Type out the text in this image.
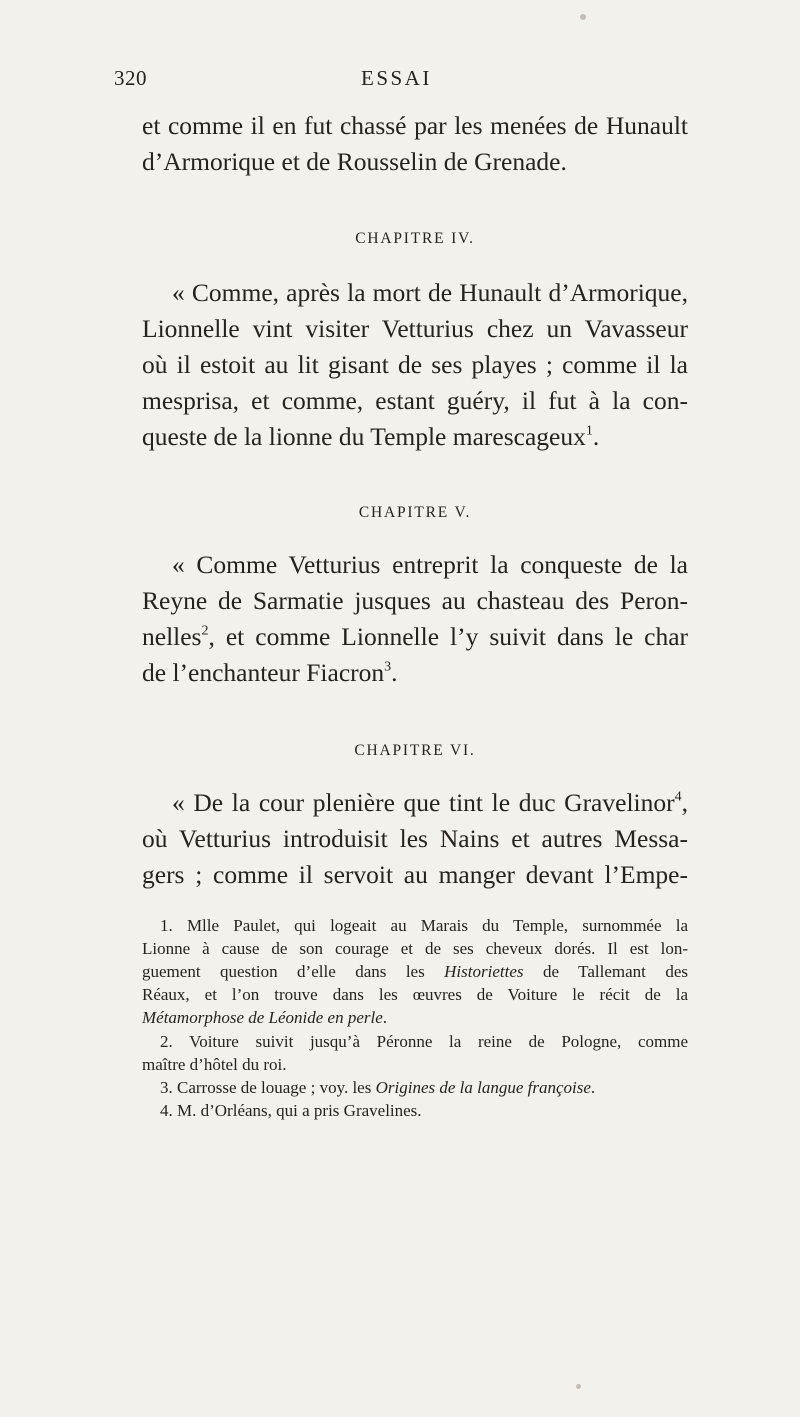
320	ESSAI
et comme il en fut chassé par les menées de Hunault
d’Armorique et de Rousselin de Grenade.
CHAPITRE IV.
« Comme, après la mort de Hunault d’Armorique,
Lionnelle vint visiter Vetturius chez un Vavasseur
où il estoit au lit gisant de ses playes ; comme il la
mesprisa, et comme, estant guéry, il fut à la con-
queste de la lionne du Temple marescageux$^1$.
CHAPITRE V.
« Comme Vetturius entreprit la conqueste de la
Reyne de Sarmatie jusques au chasteau des Peron-
nelles$^2$, et comme Lionnelle l’y suivit dans le char
de l’enchanteur Fiacron$^3$.
CHAPITRE VI.
« De la cour plenière que tint le duc Gravelinor$^4$,
où Vetturius introduisit les Nains et autres Messa-
gers ; comme il servoit au manger devant l’Empe-
1. Mlle Paulet, qui logeait au Marais du Temple, surnommée la
Lionne à cause de son courage et de ses cheveux dorés. Il est lon-
guement question d’elle dans les Historiettes de Tallemant des
Réaux, et l’on trouve dans les œuvres de Voiture le récit de la
Métamorphose de Léonide en perle.
2. Voiture suivit jusqu’à Péronne la reine de Pologne, comme
maître d’hôtel du roi.
3. Carrosse de louage ; voy. les Origines de la langue françoise.
4. M. d’Orléans, qui a pris Gravelines.
